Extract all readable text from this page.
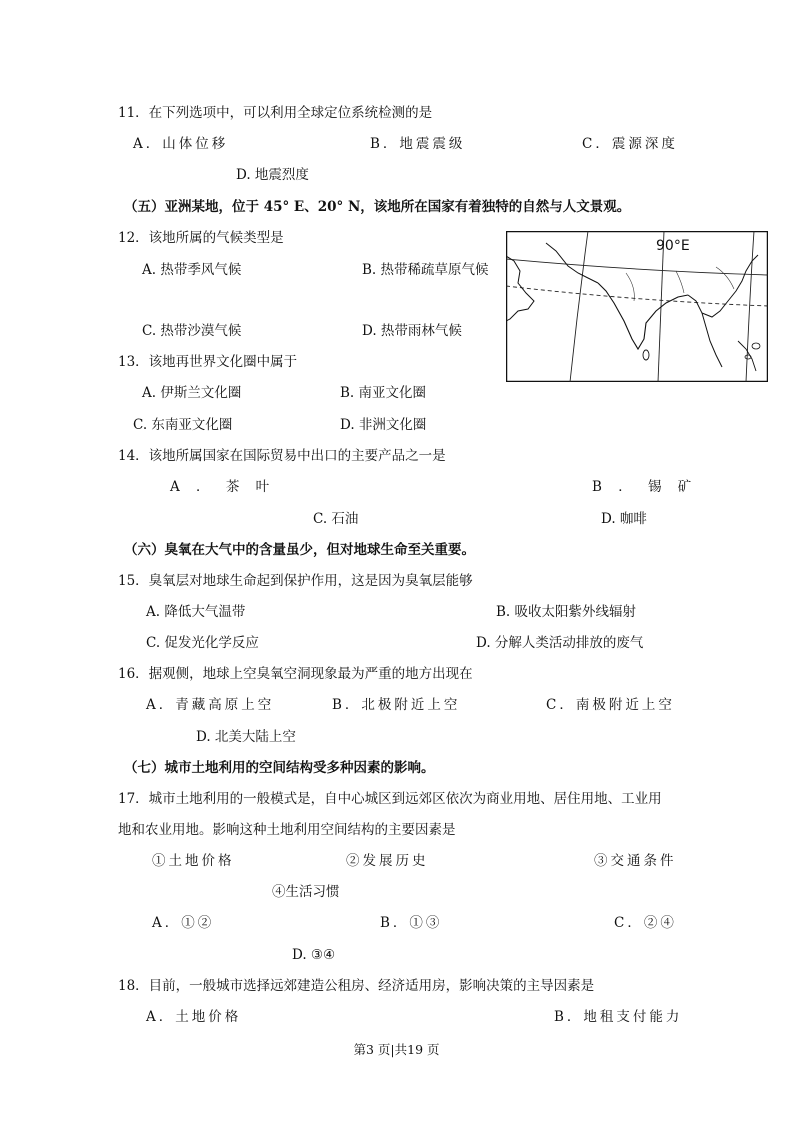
11．在下列选项中，可以利用全球定位系统检测的是
A．山体位移	B．地震震级	C．震源深度
D. 地震烈度
（五）亚洲某地，位于 45° E、20° N，该地所在国家有着独特的自然与人文景观。
90°E
12．该地所属的气候类型是
A. 热带季风气候	B. 热带稀疏草原气候
C. 热带沙漠气候	D. 热带雨林气候
13．该地再世界文化圈中属于
A. 伊斯兰文化圈	B. 南亚文化圈
C. 东南亚文化圈	D. 非洲文化圈
14．该地所属国家在国际贸易中出口的主要产品之一是
A ． 茶 叶	B ． 锡 矿
C. 石油	D. 咖啡
（六）臭氧在大气中的含量虽少，但对地球生命至关重要。
15．臭氧层对地球生命起到保护作用，这是因为臭氧层能够
A. 降低大气温带	B. 吸收太阳紫外线辐射
C. 促发光化学反应	D. 分解人类活动排放的废气
16．据观侧，地球上空臭氧空洞现象最为严重的地方出现在
A．青藏高原上空	B．北极附近上空	C．南极附近上空
D. 北美大陆上空
（七）城市土地利用的空间结构受多种因素的影响。
17．城市土地利用的一般模式是，自中心城区到远郊区依次为商业用地、居住用地、工业用
地和农业用地。影响这种土地利用空间结构的主要因素是
①土地价格	②发展历史	③交通条件
④生活习惯
A．①②	B．①③	C．②④
D. ③④
18．目前，一般城市选择远郊建造公租房、经济适用房，影响决策的主导因素是
A．土地价格	B．地租支付能力
第3 页|共19 页
